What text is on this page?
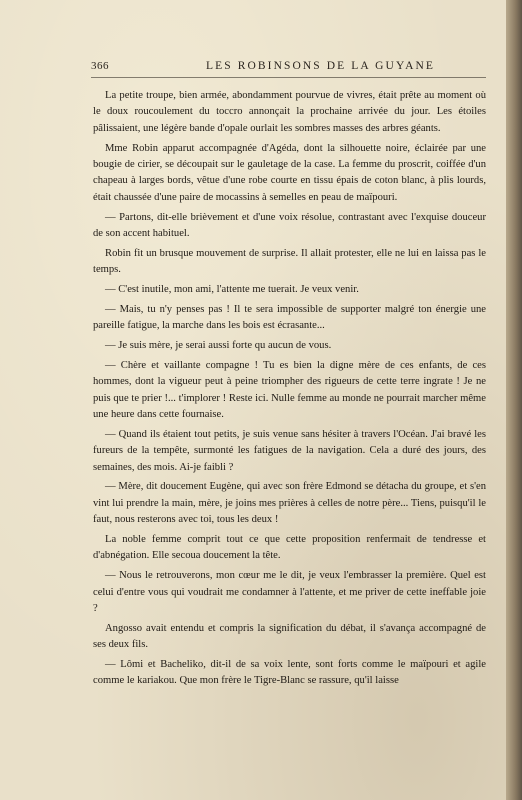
366	LES ROBINSONS DE LA GUYANE

La petite troupe, bien armée, abondamment pourvue de vivres, était prête au moment où le doux roucoulement du toccro annonçait la prochaine arrivée du jour. Les étoiles pâlissaient, une légère bande d'opale ourlait les sombres masses des arbres géants.

Mme Robin apparut accompagnée d'Agéda, dont la silhouette noire, éclairée par une bougie de cirier, se découpait sur le gauletage de la case. La femme du proscrit, coiffée d'un chapeau à larges bords, vêtue d'une robe courte en tissu épais de coton blanc, à plis lourds, était chaussée d'une paire de mocassins à semelles en peau de maïpouri.

— Partons, dit-elle brièvement et d'une voix résolue, contrastant avec l'exquise douceur de son accent habituel.

Robin fit un brusque mouvement de surprise. Il allait protester, elle ne lui en laissa pas le temps.

— C'est inutile, mon ami, l'attente me tuerait. Je veux venir.

— Mais, tu n'y penses pas ! Il te sera impossible de supporter malgré ton énergie une pareille fatigue, la marche dans les bois est écrasante...

— Je suis mère, je serai aussi forte qu aucun de vous.

— Chère et vaillante compagne ! Tu es bien la digne mère de ces enfants, de ces hommes, dont la vigueur peut à peine triompher des rigueurs de cette terre ingrate ! Je ne puis que te prier !... t'implorer ! Reste ici. Nulle femme au monde ne pourrait marcher même une heure dans cette fournaise.

— Quand ils étaient tout petits, je suis venue sans hésiter à travers l'Océan. J'ai bravé les fureurs de la tempête, surmonté les fatigues de la navigation. Cela a duré des jours, des semaines, des mois. Ai-je faibli ?

— Mère, dit doucement Eugène, qui avec son frère Edmond se détacha du groupe, et s'en vint lui prendre la main, mère, je joins mes prières à celles de notre père... Tiens, puisqu'il le faut, nous resterons avec toi, tous les deux !

La noble femme comprit tout ce que cette proposition renfermait de tendresse et d'abnégation. Elle secoua doucement la tête.

— Nous le retrouverons, mon cœur me le dit, je veux l'embrasser la première. Quel est celui d'entre vous qui voudrait me condamner à l'attente, et me priver de cette ineffable joie ?

Angosso avait entendu et compris la signification du débat, il s'avança accompagné de ses deux fils.

— Lômi et Bacheliko, dit-il de sa voix lente, sont forts comme le maïpouri et agile comme le kariakou. Que mon frère le Tigre-Blanc se rassure, qu'il laisse
